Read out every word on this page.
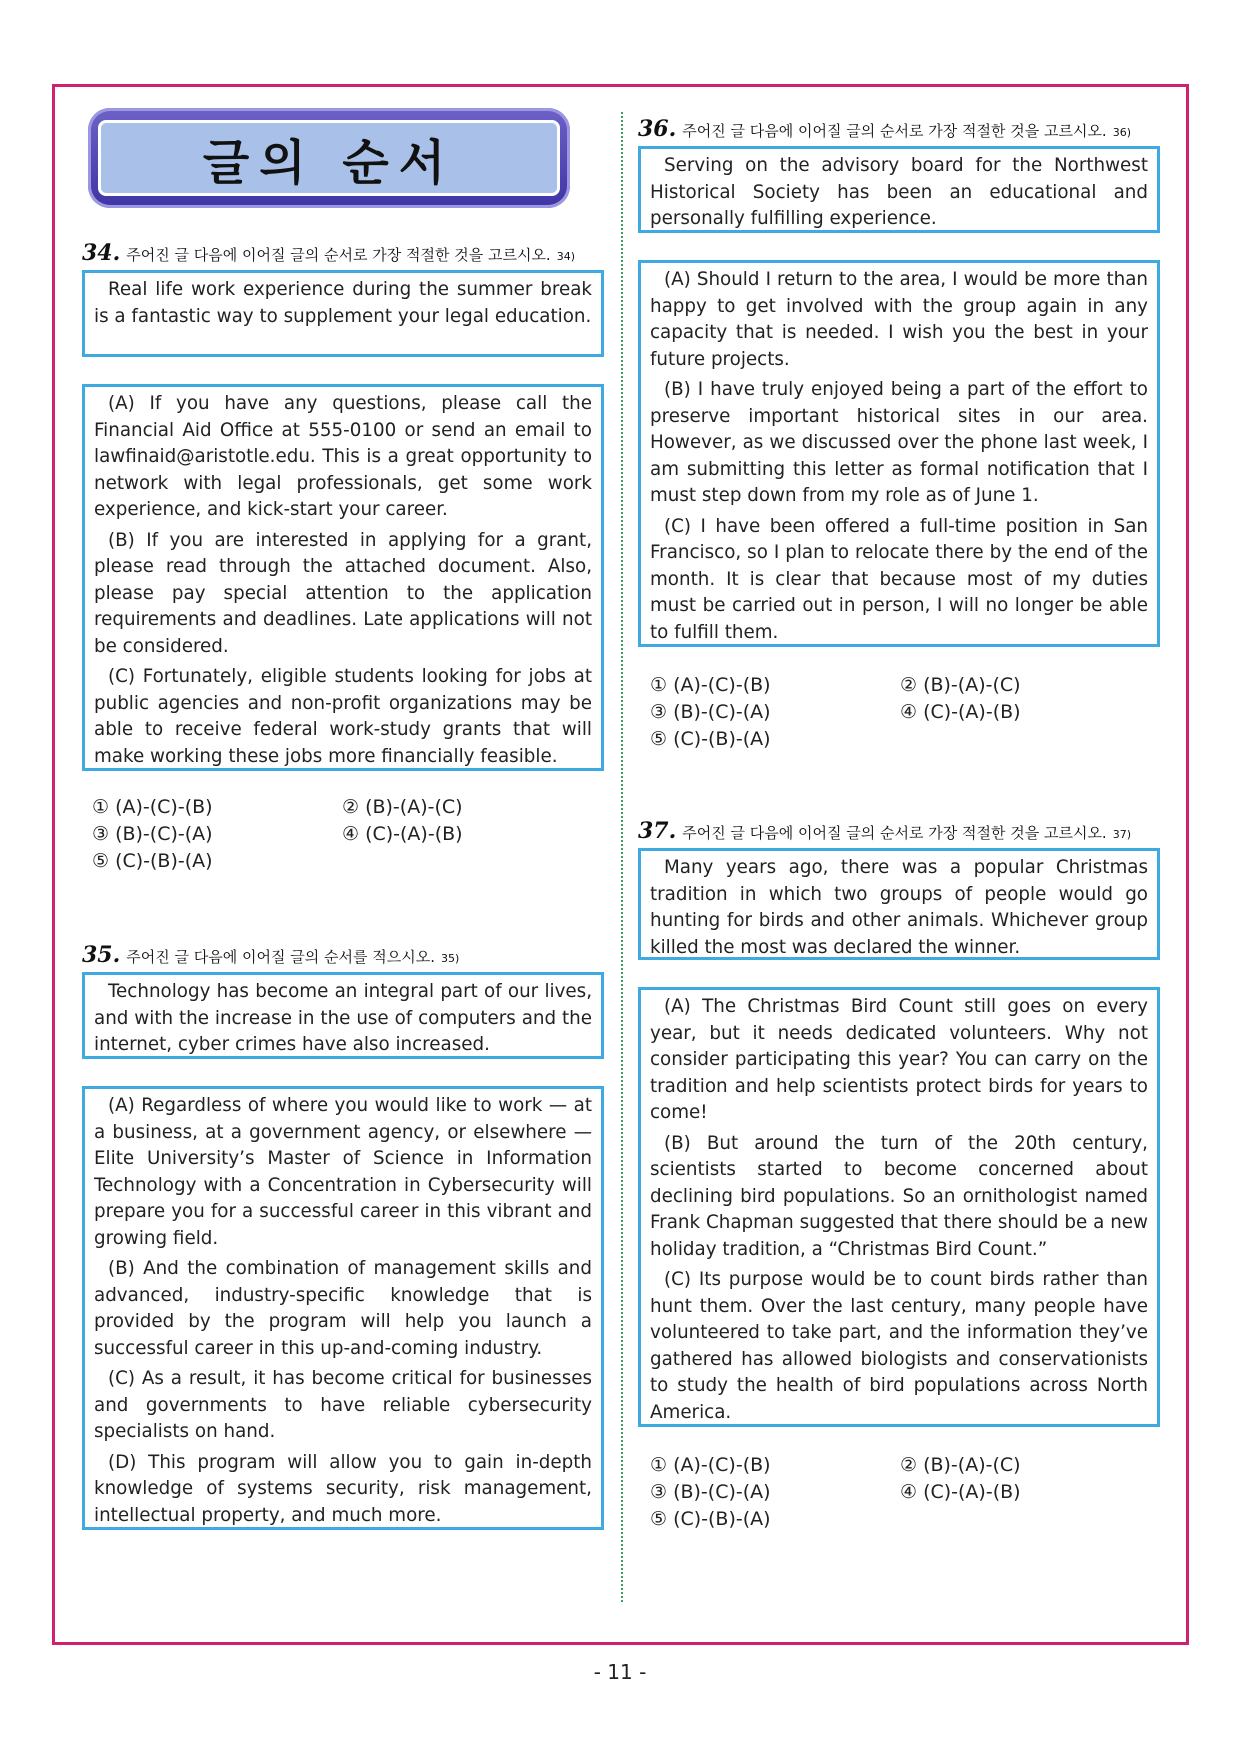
글의 순서
34. 주어진 글 다음에 이어질 글의 순서로 가장 적절한 것을 고르시오. 34)

Real life work experience during the summer break is a fantastic way to supplement your legal education.

(A) If you have any questions, please call the Financial Aid Office at 555-0100 or send an email to lawfinaid@aristotle.edu. This is a great opportunity to network with legal professionals, get some work experience, and kick-start your career.

(B) If you are interested in applying for a grant, please read through the attached document. Also, please pay special attention to the application requirements and deadlines. Late applications will not be considered.

(C) Fortunately, eligible students looking for jobs at public agencies and non-profit organizations may be able to receive federal work-study grants that will make working these jobs more financially feasible.

① (A)-(C)-(B)	② (B)-(A)-(C)
③ (B)-(C)-(A)	④ (C)-(A)-(B)
⑤ (C)-(B)-(A)
35. 주어진 글 다음에 이어질 글의 순서를 적으시오. 35)

Technology has become an integral part of our lives, and with the increase in the use of computers and the internet, cyber crimes have also increased.

(A) Regardless of where you would like to work — at a business, at a government agency, or elsewhere — Elite University’s Master of Science in Information Technology with a Concentration in Cybersecurity will prepare you for a successful career in this vibrant and growing field.

(B) And the combination of management skills and advanced, industry-specific knowledge that is provided by the program will help you launch a successful career in this up-and-coming industry.

(C) As a result, it has become critical for businesses and governments to have reliable cybersecurity specialists on hand.

(D) This program will allow you to gain in-depth knowledge of systems security, risk management, intellectual property, and much more.

36. 주어진 글 다음에 이어질 글의 순서로 가장 적절한 것을 고르시오. 36)

Serving on the advisory board for the Northwest Historical Society has been an educational and personally fulfilling experience.

(A) Should I return to the area, I would be more than happy to get involved with the group again in any capacity that is needed. I wish you the best in your future projects.

(B) I have truly enjoyed being a part of the effort to preserve important historical sites in our area. However, as we discussed over the phone last week, I am submitting this letter as formal notification that I must step down from my role as of June 1.

(C) I have been offered a full-time position in San Francisco, so I plan to relocate there by the end of the month. It is clear that because most of my duties must be carried out in person, I will no longer be able to fulfill them.

① (A)-(C)-(B)	② (B)-(A)-(C)
③ (B)-(C)-(A)	④ (C)-(A)-(B)
⑤ (C)-(B)-(A)
37. 주어진 글 다음에 이어질 글의 순서로 가장 적절한 것을 고르시오. 37)

Many years ago, there was a popular Christmas tradition in which two groups of people would go hunting for birds and other animals. Whichever group killed the most was declared the winner.

(A) The Christmas Bird Count still goes on every year, but it needs dedicated volunteers. Why not consider participating this year? You can carry on the tradition and help scientists protect birds for years to come!

(B) But around the turn of the 20th century, scientists started to become concerned about declining bird populations. So an ornithologist named Frank Chapman suggested that there should be a new holiday tradition, a “Christmas Bird Count.”

(C) Its purpose would be to count birds rather than hunt them. Over the last century, many people have volunteered to take part, and the information they’ve gathered has allowed biologists and conservationists to study the health of bird populations across North America.

① (A)-(C)-(B)	② (B)-(A)-(C)
③ (B)-(C)-(A)	④ (C)-(A)-(B)
⑤ (C)-(B)-(A)
- 11 -
